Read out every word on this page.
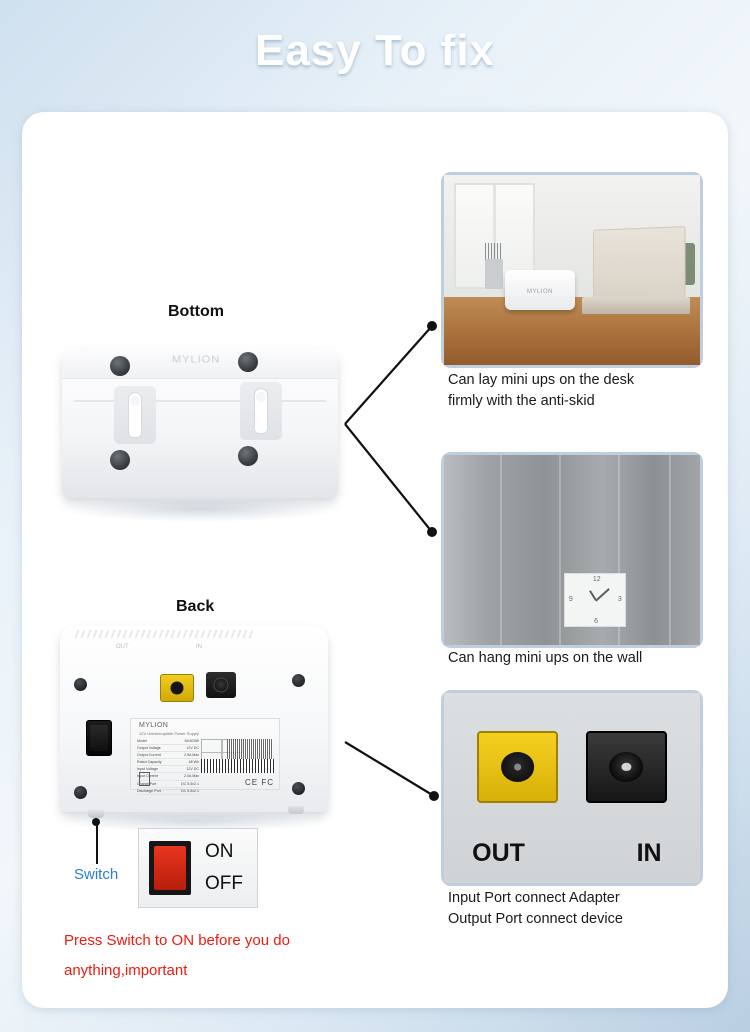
Easy To fix
MYLION
12
3
6
9
OUT	IN
Can lay mini ups on the desk
firmly with the anti-skid
Can hang mini ups on the wall
Input Port connect Adapter
Output Port connect device
Bottom
Back
MYLION
OUT	IN
MYLION
12V Uninterruptible Power Supply
Model	ML603W
Output Voltage	12V DC
Output Current	2.5A Max
Rated Capacity	48 Wh
Input Voltage	12V DC
Input Current	2.0A Max
Charge Port	DC 5.5x2.1
Discharge Port	DC 5.5x2.1
CE FC
Switch
ON
OFF
Press Switch to ON before you do
anything,important
